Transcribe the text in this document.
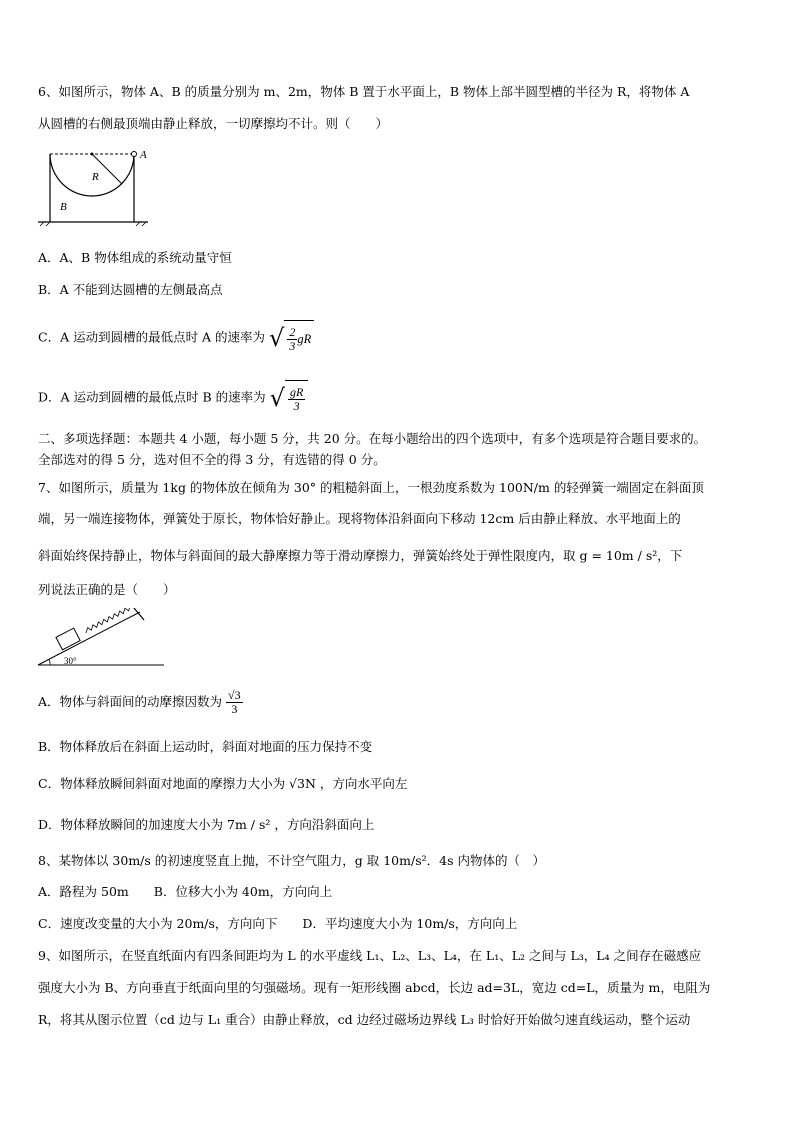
6、如图所示，物体 A、B 的质量分别为 m、2m，物体 B 置于水平面上，B 物体上部半圆型槽的半径为 R，将物体 A
从圆槽的右侧最顶端由静止释放，一切摩擦均不计。则（　　）
A
R
B
A．A、B 物体组成的系统动量守恒
B．A 不能到达圆槽的左侧最高点
C．A 运动到圆槽的最低点时 A 的速率为 √ $\frac{2}{3}$ gR
D．A 运动到圆槽的最低点时 B 的速率为 √ $\frac{gR}{3}$
二、多项选择题：本题共 4 小题，每小题 5 分，共 20 分。在每小题给出的四个选项中，有多个选项是符合题目要求的。
全部选对的得 5 分，选对但不全的得 3 分，有选错的得 0 分。
7、如图所示，质量为 1kg 的物体放在倾角为 30° 的粗糙斜面上，一根劲度系数为 100N/m 的轻弹簧一端固定在斜面顶
端，另一端连接物体，弹簧处于原长，物体恰好静止。现将物体沿斜面向下移动 12cm 后由静止释放、水平地面上的
斜面始终保持静止，物体与斜面间的最大静摩擦力等于滑动摩擦力，弹簧始终处于弹性限度内，取 g = 10m / s²，下
列说法正确的是（　　）
30°
A．物体与斜面间的动摩擦因数为 $\frac{√3}{3}$
B．物体释放后在斜面上运动时，斜面对地面的压力保持不变
C．物体释放瞬间斜面对地面的摩擦力大小为 √3N ，方向水平向左
D．物体释放瞬间的加速度大小为 7m / s² ，方向沿斜面向上
8、某物体以 30m/s 的初速度竖直上抛，不计空气阻力，g 取 10m/s²．4s 内物体的（　）
A．路程为 50m　　B．位移大小为 40m，方向向上
C．速度改变量的大小为 20m/s，方向向下　　D．平均速度大小为 10m/s，方向向上
9、如图所示，在竖直纸面内有四条间距均为 L 的水平虚线 L₁、L₂、L₃、L₄，在 L₁、L₂ 之间与 L₃，L₄ 之间存在磁感应
强度大小为 B、方向垂直于纸面向里的匀强磁场。现有一矩形线圈 abcd，长边 ad=3L，宽边 cd=L，质量为 m，电阻为
R，将其从图示位置（cd 边与 L₁ 重合）由静止释放，cd 边经过磁场边界线 L₃ 时恰好开始做匀速直线运动，整个运动
